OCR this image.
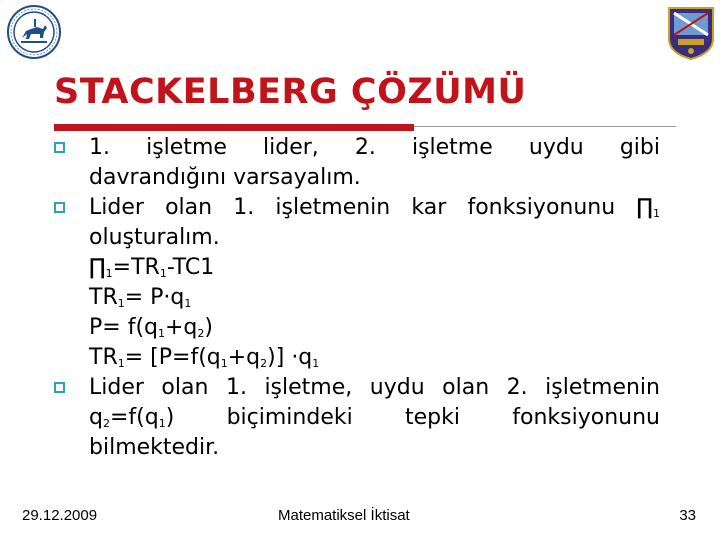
STACKELBERG ÇÖZÜMÜ
1. işletme lider, 2. işletme uydu gibi
davrandığını varsayalım.
Lider olan 1. işletmenin kar fonksiyonunu $\prod_1$
oluşturalım.
$\prod_1=TR_1-TC1$
$TR_1= P\cdot q_1$
$P= f(q_1+q_2)$
$TR_1= [P=f(q_1+q_2)] \cdot q_1$
Lider olan 1. işletme, uydu olan 2. işletmenin
$q_2=f(q_1)$ biçimindeki tepki fonksiyonunu
bilmektedir.
29.12.2009	Matematiksel İktisat	33
